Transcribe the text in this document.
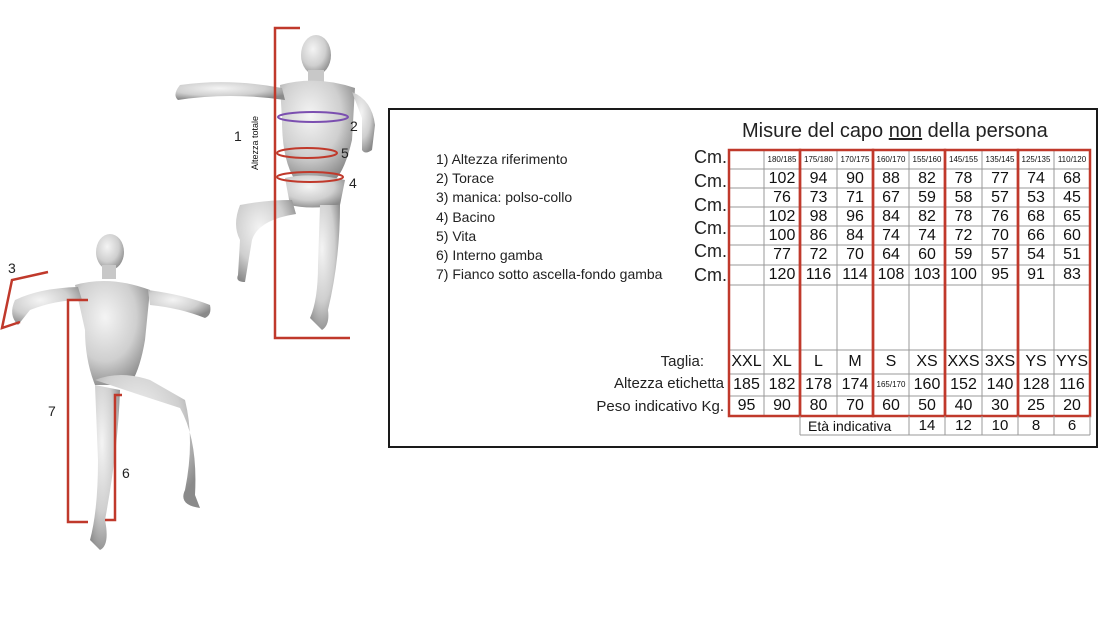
1
2
3
4
5
6
7
Altezza totale	Misure del capo non della persona
1) Altezza riferimento
2) Torace
3) manica: polso-collo
4) Bacino
5) Vita
6) Interno gamba
7) Fianco sotto ascella-fondo gamba
Cm.
Cm.
Cm.
Cm.
Cm.
Cm.
Taglia:
Altezza etichetta
Peso indicativo Kg.
Età indicativa
XXL
185
95
180/185
102
76
102
100
77
120
XL
182
90
175/180
94
73
98
86
72
116
L
178
80
170/175
90
71
96
84
70
114
M
174
70
160/170
88
67
84
74
64
108
S
165/170
60
155/160
82
59
82
74
60
103
XS
160
50
14
145/155
78
58
78
72
59
100
XXS
152
40
12
135/145
77
57
76
70
57
95
3XS
140
30
10
125/135
74
53
68
66
54
91
YS
128
25
8
110/120
68
45
65
60
51
83
YYS
116
20
6
